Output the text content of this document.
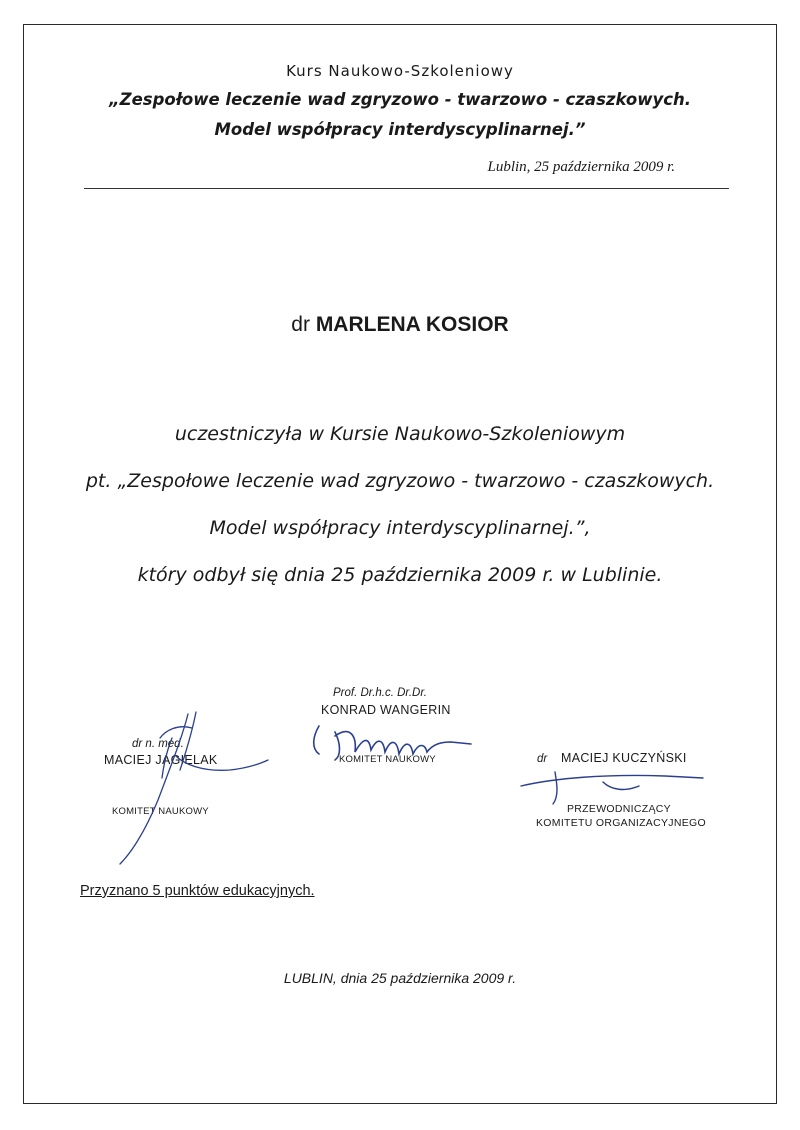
Kurs Naukowo-Szkoleniowy
„Zespołowe leczenie wad zgryzowo - twarzowo - czaszkowych.
Model współpracy interdyscyplinarnej.”
Lublin, 25 października 2009 r.
dr MARLENA KOSIOR
uczestniczyła w Kursie Naukowo-Szkoleniowym
pt. „Zespołowe leczenie wad zgryzowo - twarzowo - czaszkowych.
Model współpracy interdyscyplinarnej.”,
który odbył się dnia 25 października 2009 r. w Lublinie.
Prof. Dr.h.c. Dr.Dr.
KONRAD WANGERIN
KOMITET NAUKOWY
dr n. med.
MACIEJ JAGIELAK
KOMITET NAUKOWY
dr MACIEJ KUCZYŃSKI
PRZEWODNICZĄCY
KOMITETU ORGANIZACYJNEGO
Przyznano 5 punktów edukacyjnych.
LUBLIN, dnia 25 października 2009 r.
